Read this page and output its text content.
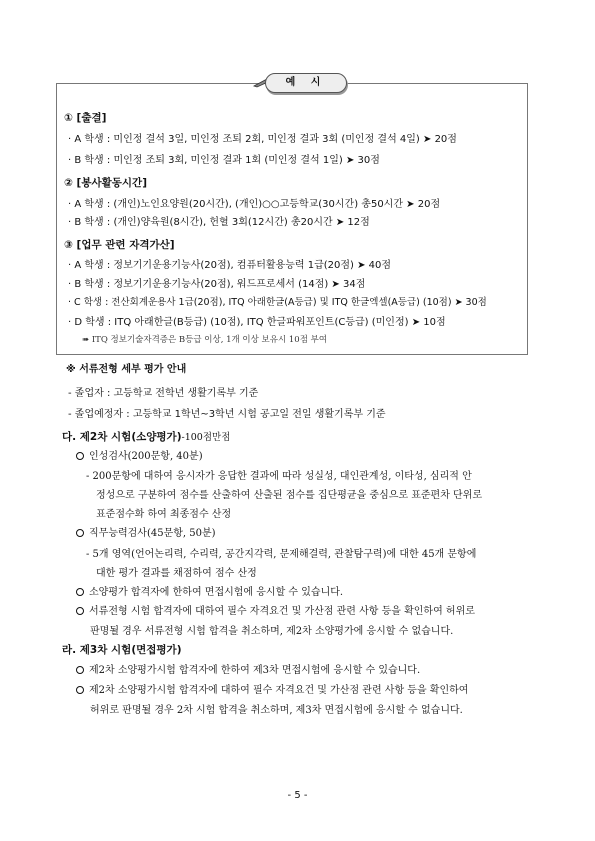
예 시
① [출결]
· A 학생 : 미인정 결석 3일, 미인정 조퇴 2회, 미인정 결과 3회 (미인정 결석 4일) ➤ 20점
· B 학생 : 미인정 조퇴 3회, 미인정 결과 1회 (미인정 결석 1일) ➤ 30점
② [봉사활동시간]
· A 학생 : (개인)노인요양원(20시간), (개인)○○고등학교(30시간) 총50시간 ➤ 20점
· B 학생 : (개인)양육원(8시간), 헌혈 3회(12시간) 총20시간 ➤ 12점
③ [업무 관련 자격가산]
· A 학생 : 정보기기운용기능사(20점), 컴퓨터활용능력 1급(20점) ➤ 40점
· B 학생 : 정보기기운용기능사(20점), 워드프로세서 (14점) ➤ 34점
· C 학생 : 전산회계운용사 1급(20점), ITQ 아래한글(A등급) 및 ITQ 한글엑셀(A등급) (10점) ➤ 30점
· D 학생 : ITQ 아래한글(B등급) (10점), ITQ 한글파워포인트(C등급) (미인정) ➤ 10점
➠ ITQ 정보기술자격증은 B등급 이상, 1개 이상 보유시 10점 부여
※ 서류전형 세부 평가 안내
- 졸업자 : 고등학교 전학년 생활기록부 기준
- 졸업예정자 : 고등학교 1학년~3학년 시험 공고일 전일 생활기록부 기준
다. 제2차 시험(소양평가)-100점만점
인성검사(200문항, 40분)
- 200문항에 대하여 응시자가 응답한 결과에 따라 성실성, 대인관계성, 이타성, 심리적 안
정성으로 구분하여 점수를 산출하여 산출된 점수를 집단평균을 중심으로 표준편차 단위로
표준점수화 하여 최종점수 산정
직무능력검사(45문항, 50분)
- 5개 영역(언어논리력, 수리력, 공간지각력, 문제해결력, 관찰탐구력)에 대한 45개 문항에
대한 평가 결과를 채점하여 점수 산정
소양평가 합격자에 한하여 면접시험에 응시할 수 있습니다.
서류전형 시험 합격자에 대하여 필수 자격요건 및 가산점 관련 사항 등을 확인하여 허위로
판명될 경우 서류전형 시험 합격을 취소하며, 제2차 소양평가에 응시할 수 없습니다.
라. 제3차 시험(면접평가)
제2차 소양평가시험 합격자에 한하여 제3차 면접시험에 응시할 수 있습니다.
제2차 소양평가시험 합격자에 대하여 필수 자격요건 및 가산점 관련 사항 등을 확인하여
허위로 판명될 경우 2차 시험 합격을 취소하며, 제3차 면접시험에 응시할 수 없습니다.
- 5 -
